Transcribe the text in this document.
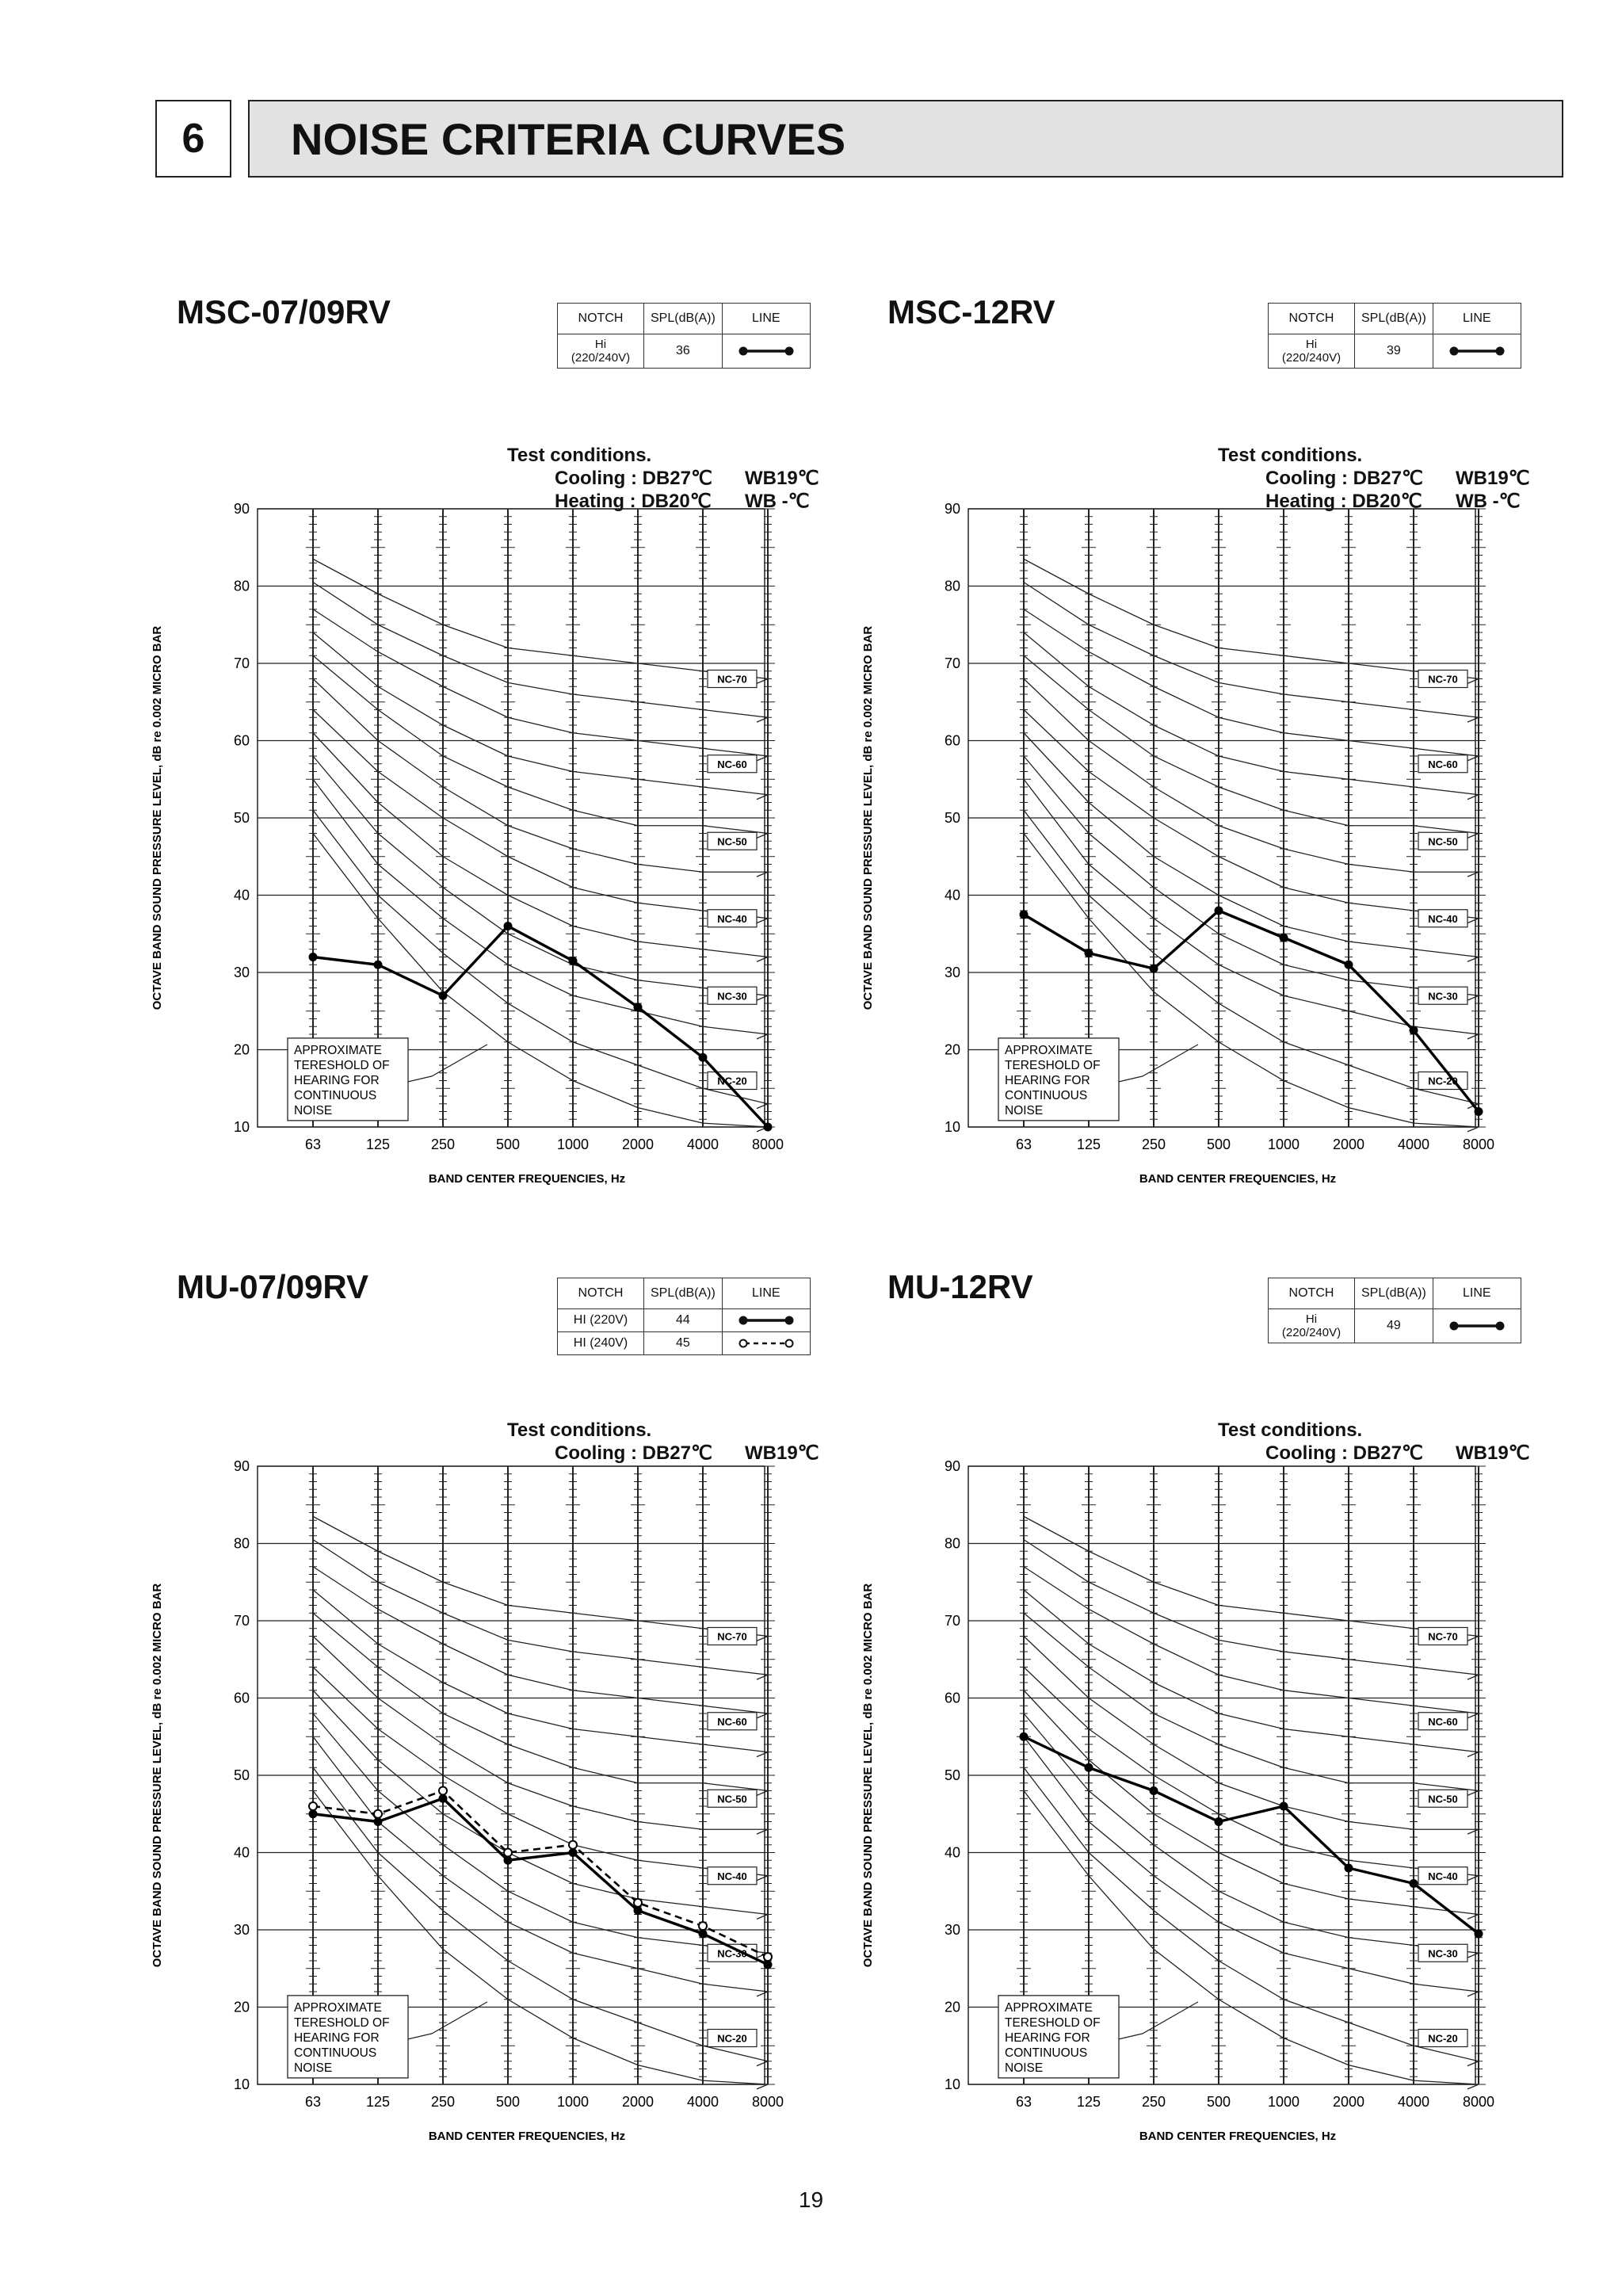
6	NOISE CRITERIA CURVES
MSC-07/09RV	NOTCH	SPL(dB(A))	LINE

Hi
(220/240V)	36	
Test conditions.
Cooling : DB27℃ WB19℃
Heating : DB20℃ WB -℃
OCTAVE BAND SOUND PRESSURE LEVEL, dB re 0.002 MICRO BAR
10
20
30
40
50
60
70
80
90
63	125	250	500	1000 2000 4000 8000
BAND CENTER FREQUENCIES, Hz
NC-70
NC-60
NC-50
NC-40
NC-30
NC-20
APPROXIMATE
TERESHOLD OF
HEARING FOR
CONTINUOUS
NOISE
MSC-12RV	NOTCH	SPL(dB(A))	LINE

Hi
(220/240V)	39	
Test conditions.
Cooling : DB27℃ WB19℃
Heating : DB20℃ WB -℃
OCTAVE BAND SOUND PRESSURE LEVEL, dB re 0.002 MICRO BAR
10
20
30
40
50
60
70
80
90
63	125	250	500	1000 2000 4000 8000
BAND CENTER FREQUENCIES, Hz
NC-70
NC-60
NC-50
NC-40
NC-30
NC-20
APPROXIMATE
TERESHOLD OF
HEARING FOR
CONTINUOUS
NOISE
MU-07/09RV	NOTCH	SPL(dB(A))	LINE

HI (220V)	44	

HI (240V)	45	
Test conditions.
Cooling : DB27℃ WB19℃
OCTAVE BAND SOUND PRESSURE LEVEL, dB re 0.002 MICRO BAR
10
20
30
40
50
60
70
80
90
63	125	250	500	1000 2000 4000 8000
BAND CENTER FREQUENCIES, Hz
NC-70
NC-60
NC-50
NC-40
NC-30
NC-20
APPROXIMATE
TERESHOLD OF
HEARING FOR
CONTINUOUS
NOISE
MU-12RV	NOTCH	SPL(dB(A))	LINE

Hi
(220/240V)	49	
Test conditions.
Cooling : DB27℃ WB19℃
OCTAVE BAND SOUND PRESSURE LEVEL, dB re 0.002 MICRO BAR
10
20
30
40
50
60
70
80
90
63	125	250	500	1000 2000 4000 8000
BAND CENTER FREQUENCIES, Hz
NC-70
NC-60
NC-50
NC-40
NC-30
NC-20
APPROXIMATE
TERESHOLD OF
HEARING FOR
CONTINUOUS
NOISE
19
